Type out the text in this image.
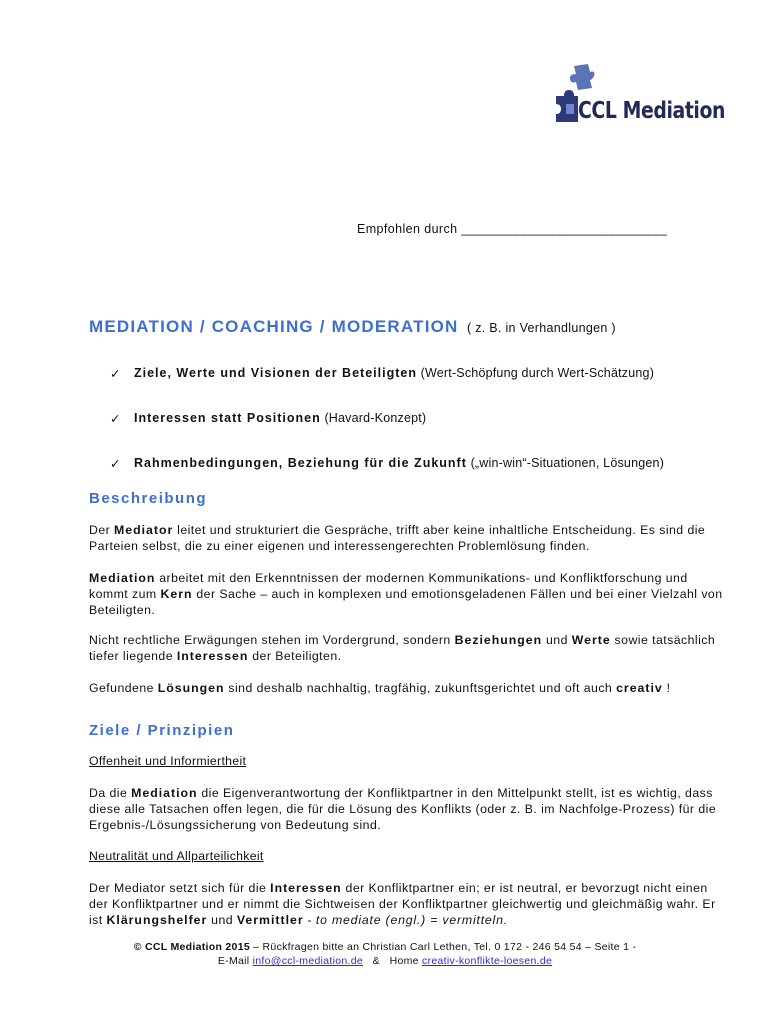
CCL Mediation
Empfohlen durch ____________________________
MEDIATION / COACHING / MODERATION ( z. B. in Verhandlungen )
✓ Ziele, Werte und Visionen der Beteiligten (Wert-Schöpfung durch Wert-Schätzung)
✓ Interessen statt Positionen (Havard-Konzept)
✓ Rahmenbedingungen, Beziehung für die Zukunft („win-win“-Situationen, Lösungen)
Beschreibung
Der Mediator leitet und strukturiert die Gespräche, trifft aber keine inhaltliche Entscheidung. Es sind die Parteien selbst, die zu einer eigenen und interessengerechten Problemlösung finden.
Mediation arbeitet mit den Erkenntnissen der modernen Kommunikations- und Konfliktforschung und kommt zum Kern der Sache – auch in komplexen und emotionsgeladenen Fällen und bei einer Vielzahl von Beteiligten.
Nicht rechtliche Erwägungen stehen im Vordergrund, sondern Beziehungen und Werte sowie tatsächlich tiefer liegende Interessen der Beteiligten.
Gefundene Lösungen sind deshalb nachhaltig, tragfähig, zukunftsgerichtet und oft auch creativ !
Ziele / Prinzipien
Offenheit und Informiertheit
Da die Mediation die Eigenverantwortung der Konfliktpartner in den Mittelpunkt stellt, ist es wichtig, dass diese alle Tatsachen offen legen, die für die Lösung des Konflikts (oder z. B. im Nachfolge-Prozess) für die Ergebnis-/Lösungssicherung von Bedeutung sind.
Neutralität und Allparteilichkeit
Der Mediator setzt sich für die Interessen der Konfliktpartner ein; er ist neutral, er bevorzugt nicht einen der Konfliktpartner und er nimmt die Sichtweisen der Konfliktpartner gleichwertig und gleichmäßig wahr. Er ist Klärungshelfer und Vermittler - to mediate (engl.) = vermitteln.
© CCL Mediation 2015 – Rückfragen bitte an Christian Carl Lethen, Tel. 0 172 - 246 54 54 – Seite 1 -
E-Mail info@ccl-mediation.de   &   Home creativ-konflikte-loesen.de
